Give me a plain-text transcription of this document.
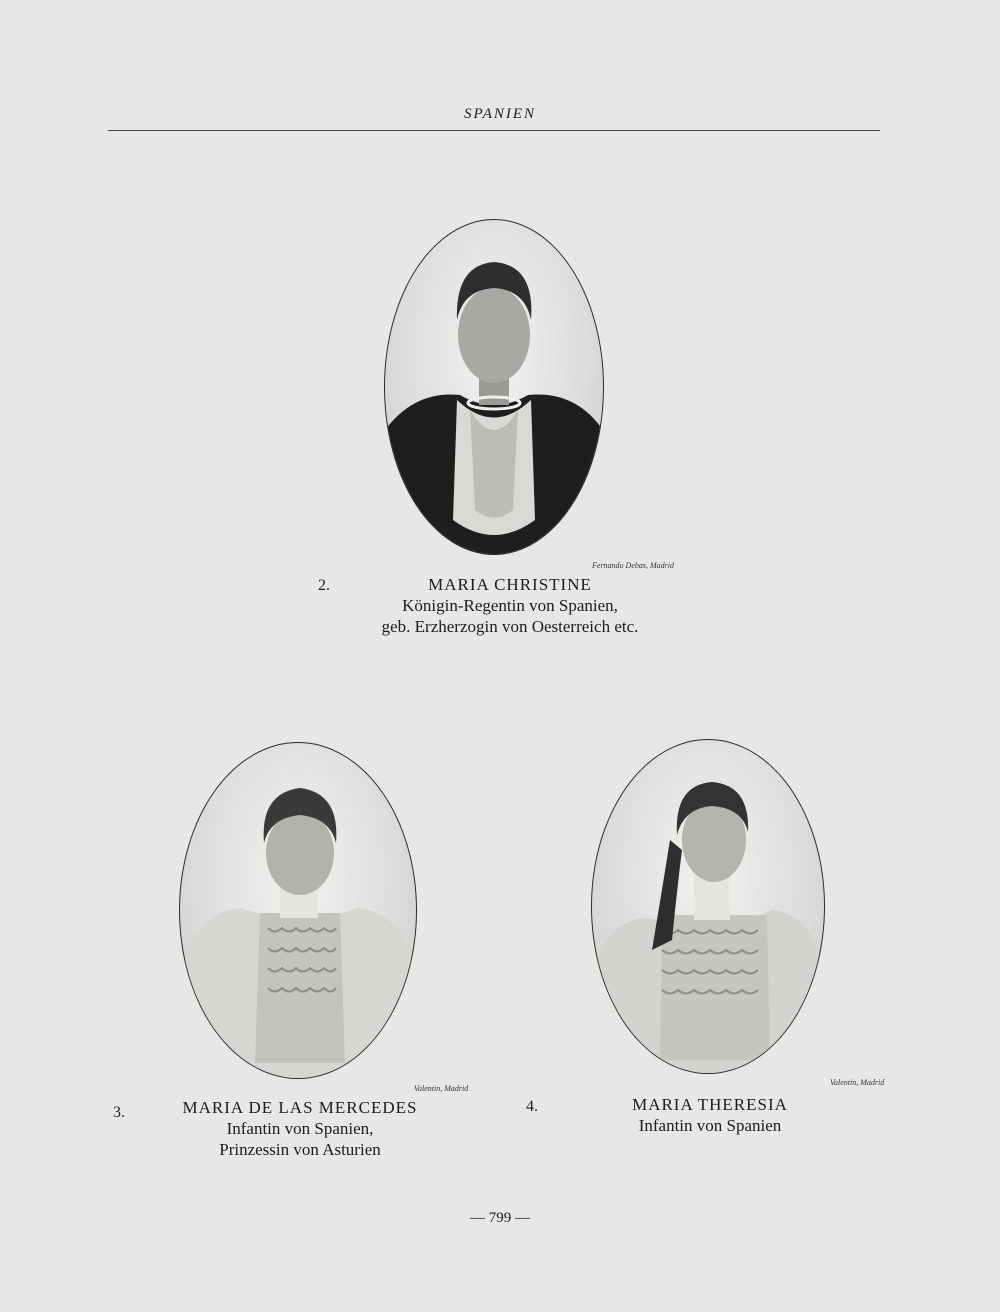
SPANIEN
Fernando Debas, Madrid
2.	MARIA CHRISTINE
Königin-Regentin von Spanien,
geb. Erzherzogin von Oesterreich etc.
Valentin, Madrid
3.	MARIA DE LAS MERCEDES
Infantin von Spanien,
Prinzessin von Asturien
Valentin, Madrid
4.	MARIA THERESIA
Infantin von Spanien
— 799 —
